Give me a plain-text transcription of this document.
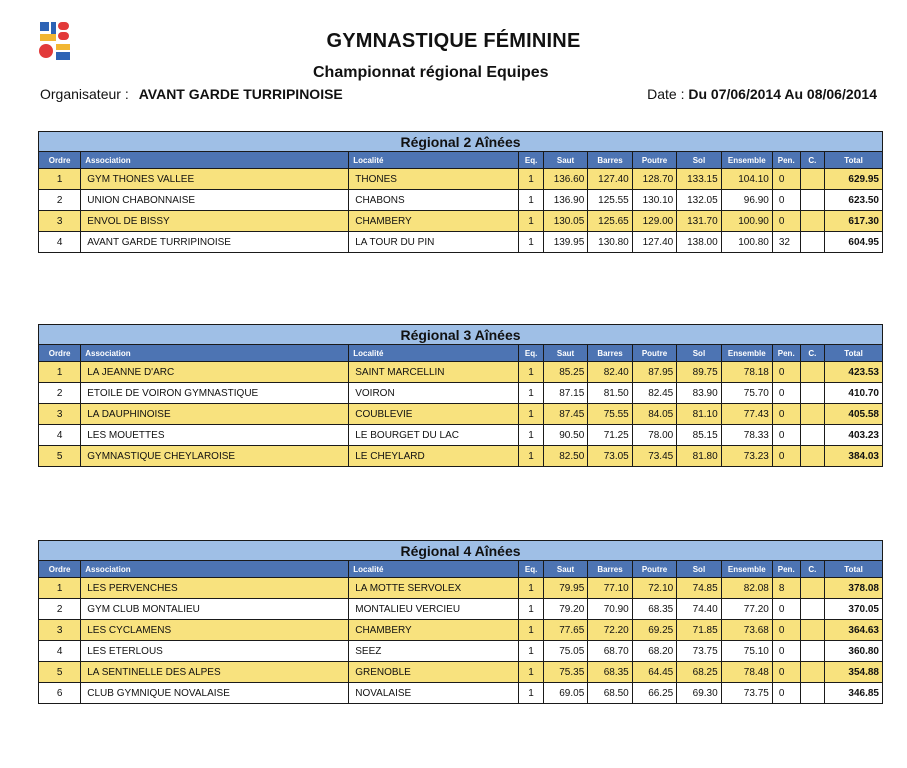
GYMNASTIQUE FÉMININE
Championnat régional Equipes
Organisateur : AVANT GARDE TURRIPINOISE	Date : Du 07/06/2014 Au 08/06/2014
Régional 2 Aînées											
Ordre	Association	Localité	Eq.	Saut	Barres	Poutre	Sol	Ensemble	Pen.	C.	Total
1	GYM THONES VALLEE	THONES	1	136.60	127.40	128.70	133.15	104.10	0		629.95
2	UNION CHABONNAISE	CHABONS	1	136.90	125.55	130.10	132.05	96.90	0		623.50
3	ENVOL DE BISSY	CHAMBERY	1	130.05	125.65	129.00	131.70	100.90	0		617.30
4	AVANT GARDE TURRIPINOISE	LA TOUR DU PIN	1	139.95	130.80	127.40	138.00	100.80	32		604.95
Régional 3 Aînées											
Ordre	Association	Localité	Eq.	Saut	Barres	Poutre	Sol	Ensemble	Pen.	C.	Total
1	LA JEANNE D'ARC	SAINT MARCELLIN	1	85.25	82.40	87.95	89.75	78.18	0		423.53
2	ETOILE DE VOIRON GYMNASTIQUE	VOIRON	1	87.15	81.50	82.45	83.90	75.70	0		410.70
3	LA DAUPHINOISE	COUBLEVIE	1	87.45	75.55	84.05	81.10	77.43	0		405.58
4	LES MOUETTES	LE BOURGET DU LAC	1	90.50	71.25	78.00	85.15	78.33	0		403.23
5	GYMNASTIQUE CHEYLAROISE	LE CHEYLARD	1	82.50	73.05	73.45	81.80	73.23	0		384.03
Régional 4 Aînées											
Ordre	Association	Localité	Eq.	Saut	Barres	Poutre	Sol	Ensemble	Pen.	C.	Total
1	LES PERVENCHES	LA MOTTE SERVOLEX	1	79.95	77.10	72.10	74.85	82.08	8		378.08
2	GYM CLUB MONTALIEU	MONTALIEU VERCIEU	1	79.20	70.90	68.35	74.40	77.20	0		370.05
3	LES CYCLAMENS	CHAMBERY	1	77.65	72.20	69.25	71.85	73.68	0		364.63
4	LES ETERLOUS	SEEZ	1	75.05	68.70	68.20	73.75	75.10	0		360.80
5	LA SENTINELLE DES ALPES	GRENOBLE	1	75.35	68.35	64.45	68.25	78.48	0		354.88
6	CLUB GYMNIQUE NOVALAISE	NOVALAISE	1	69.05	68.50	66.25	69.30	73.75	0		346.85
